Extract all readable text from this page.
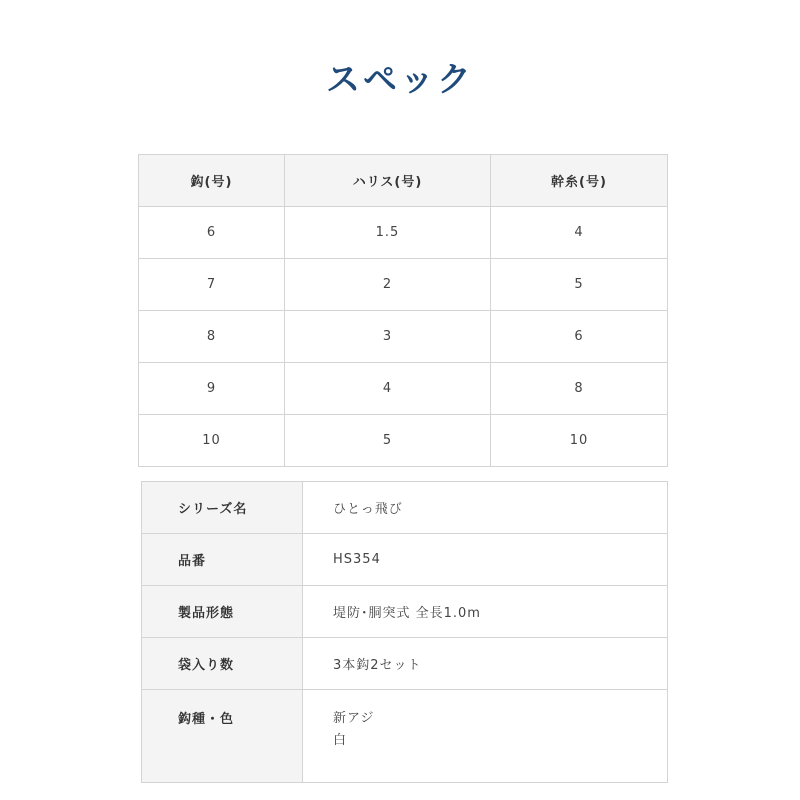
スペック
鈎(号)	ハリス(号)	幹糸(号)
6	1.5	4
7	2	5
8	3	6
9	4	8
10	5	10
シリーズ名	ひとっ飛び
品番	HS354
製品形態	堤防･胴突式 全長1.0m
袋入り数	3本鈎2セット
鈎種・色	新アジ
白
